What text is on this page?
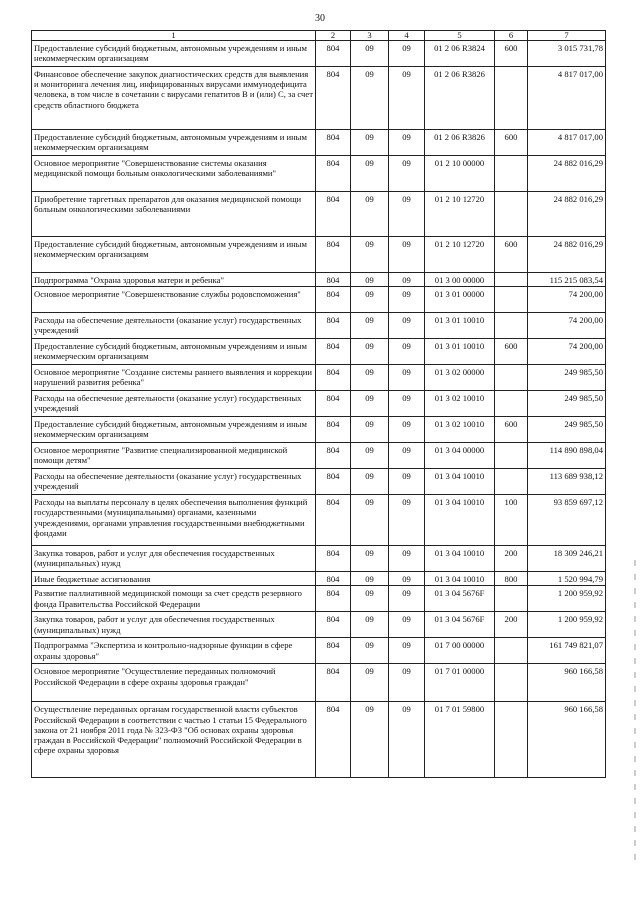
30
1	2	3	4	5	6	7
Предоставление субсидий бюджетным, автономным учреждениям и иным некоммерческим организациям	804	09	09	01 2 06 R3824	600	3 015 731,78
Финансовое обеспечение закупок диагностических средств для выявления и мониторинга лечения лиц, инфицированных вирусами иммунодефицита человека, в том числе в сочетании с вирусами гепатитов В и (или) С, за счет средств областного бюджета	804	09	09	01 2 06 R3826		4 817 017,00
Предоставление субсидий бюджетным, автономным учреждениям и иным некоммерческим организациям	804	09	09	01 2 06 R3826	600	4 817 017,00
Основное мероприятие "Совершенствование системы оказания медицинской помощи больным онкологическими заболеваниями"	804	09	09	01 2 10 00000		24 882 016,29
Приобретение таргетных препаратов для оказания медицинской помощи больным онкологическими заболеваниями	804	09	09	01 2 10 12720		24 882 016,29
Предоставление субсидий бюджетным, автономным учреждениям и иным некоммерческим организациям	804	09	09	01 2 10 12720	600	24 882 016,29
Подпрограмма "Охрана здоровья матери и ребенка"	804	09	09	01 3 00 00000		115 215 083,54
Основное мероприятие "Совершенствование службы родовспоможения"	804	09	09	01 3 01 00000		74 200,00
Расходы на обеспечение деятельности (оказание услуг) государственных учреждений	804	09	09	01 3 01 10010		74 200,00
Предоставление субсидий бюджетным, автономным учреждениям и иным некоммерческим организациям	804	09	09	01 3 01 10010	600	74 200,00
Основное мероприятие "Создание системы раннего выявления и коррекции нарушений развития ребенка"	804	09	09	01 3 02 00000		249 985,50
Расходы на обеспечение деятельности (оказание услуг) государственных учреждений	804	09	09	01 3 02 10010		249 985,50
Предоставление субсидий бюджетным, автономным учреждениям и иным некоммерческим организациям	804	09	09	01 3 02 10010	600	249 985,50
Основное мероприятие "Развитие специализированной медицинской помощи детям"	804	09	09	01 3 04 00000		114 890 898,04
Расходы на обеспечение деятельности (оказание услуг) государственных учреждений	804	09	09	01 3 04 10010		113 689 938,12
Расходы на выплаты персоналу в целях обеспечения выполнения функций государственными (муниципальными) органами, казенными учреждениями, органами управления государственными внебюджетными фондами	804	09	09	01 3 04 10010	100	93 859 697,12
Закупка товаров, работ и услуг для обеспечения государственных (муниципальных) нужд	804	09	09	01 3 04 10010	200	18 309 246,21
Иные бюджетные ассигнования	804	09	09	01 3 04 10010	800	1 520 994,79
Развитие паллиативной медицинской помощи за счет средств резервного фонда Правительства Российской Федерации	804	09	09	01 3 04 5676F		1 200 959,92
Закупка товаров, работ и услуг для обеспечения государственных (муниципальных) нужд	804	09	09	01 3 04 5676F	200	1 200 959,92
Подпрограмма "Экспертиза и контрольно-надзорные функции в сфере охраны здоровья"	804	09	09	01 7 00 00000		161 749 821,07
Основное мероприятие "Осуществление переданных полномочий Российской Федерации в сфере охраны здоровья граждан"	804	09	09	01 7 01 00000		960 166,58
Осуществление переданных органам государственной власти субъектов Российской Федерации в соответствии с частью 1 статьи 15 Федерального закона от 21 ноября 2011 года № 323-ФЗ "Об основах охраны здоровья граждан в Российской Федерации" полномочий Российской Федерации в сфере охраны здоровья	804	09	09	01 7 01 59800		960 166,58
